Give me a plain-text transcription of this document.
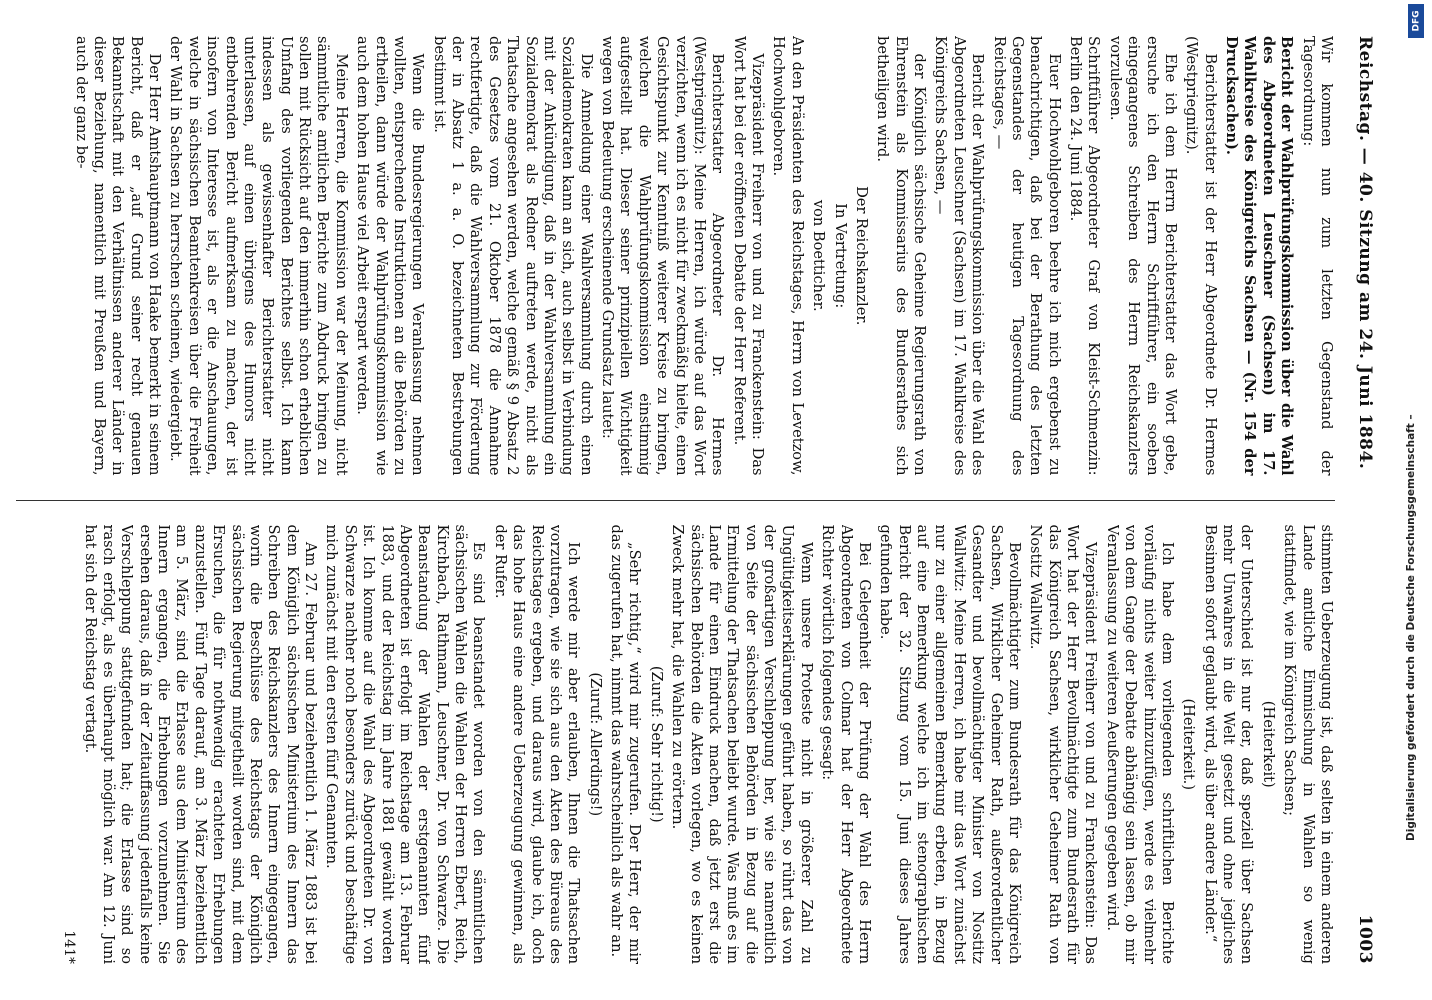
Reichstag. — 40. Sitzung am 24. Juni 1884.
1003

Wir kommen nun zum letzten Gegenstand der Tagesordnung:

Bericht der Wahlprüfungskommission über die Wahl des Abgeordneten Leuschner (Sachsen) im 17. Wahlkreise des Königreichs Sachsen — (Nr. 154 der Drucksachen).

Berichterstatter ist der Herr Abgeordnete Dr. Hermes (Westpriegnitz).

Ehe ich dem Herrn Berichterstatter das Wort gebe, ersuche ich den Herrn Schriftführer, ein soeben eingegangenes Schreiben des Herrn Reichskanzlers vorzulesen.

Schriftführer Abgeordneter Graf von Kleist-Schmenzin: Berlin den 24. Juni 1884.

Euer Hochwohlgeboren beehre ich mich ergebenst zu benachrichtigen, daß bei der Berathung des letzten Gegenstandes der heutigen Tagesordnung des Reichstages, —

Bericht der Wahlprüfungskommission über die Wahl des Abgeordneten Leuschner (Sachsen) im 17. Wahlkreise des Königreichs Sachsen, —

der Königlich sächsische Geheime Regierungsrath von Ehrenstein als Kommissarius des Bundesrathes sich betheiligen wird.

Der Reichskanzler.

In Vertretung:

von Boetticher.

An den Präsidenten des Reichstages, Herrn von Levetzow, Hochwohlgeboren.

Vizepräsident Freiherr von und zu Franckenstein: Das Wort hat bei der eröffneten Debatte der Herr Referent.

Berichterstatter Abgeordneter Dr. Hermes (Westpriegnitz): Meine Herren, ich würde auf das Wort verzichten, wenn ich es nicht für zweckmäßig hielte, einen Gesichtspunkt zur Kenntniß weiterer Kreise zu bringen, welchen die Wahlprüfungskommission einstimmig aufgestellt hat. Dieser seiner prinzipiellen Wichtigkeit wegen von Bedeutung erscheinende Grundsatz lautet:

Die Anmeldung einer Wahlversammlung durch einen Sozialdemokraten kann an sich, auch selbst in Verbindung mit der Ankündigung, daß in der Wahlversammlung ein Sozialdemokrat als Redner auftreten werde, nicht als Thatsache angesehen werden, welche gemäß § 9 Absatz 2 des Gesetzes vom 21. Oktober 1878 die Annahme rechtfertigte, daß die Wahlversammlung zur Förderung der in Absatz 1 a. a. O. bezeichneten Bestrebungen bestimmt ist.

Wenn die Bundesregierungen Veranlassung nehmen wollten, entsprechende Instruktionen an die Behörden zu ertheilen, dann würde der Wahlprüfungskommission wie auch dem hohen Hause viel Arbeit erspart werden.

Meine Herren, die Kommission war der Meinung, nicht sämmtliche amtlichen Berichte zum Abdruck bringen zu sollen mit Rücksicht auf den immerhin schon erheblichen Umfang des vorliegenden Berichtes selbst. Ich kann indessen als gewissenhafter Berichterstatter nicht unterlassen, auf einen übrigens des Humors nicht entbehrenden Bericht aufmerksam zu machen, der ist insofern von Interesse ist, als er die Anschauungen, welche in sächsischen Beamtenkreisen über die Freiheit der Wahl in Sachsen zu herrschen scheinen, wiedergiebt.

Der Herr Amtshauptmann von Haake bemerkt in seinem Bericht, daß er „auf Grund seiner recht genauen Bekanntschaft mit den Verhältnissen anderer Länder in dieser Beziehung, namentlich mit Preußen und Bayern, auch der ganz be-

stimmten Ueberzeugung ist, daß selten in einem anderen Lande amtliche Einmischung in Wahlen so wenig stattfindet, wie im Königreich Sachsen;

(Heiterkeit)

der Unterschied ist nur der, daß speziell über Sachsen mehr Unwahres in die Welt gesetzt und ohne jegliches Besinnen sofort geglaubt wird, als über andere Länder.“

(Heiterkeit.)

Ich habe dem vorliegenden schriftlichen Berichte vorläufig nichts weiter hinzuzufügen, werde es vielmehr von dem Gange der Debatte abhängig sein lassen, ob mir Veranlassung zu weiteren Aeußerungen gegeben wird.

Vizepräsident Freiherr von und zu Franckenstein: Das Wort hat der Herr Bevollmächtigte zum Bundesrath für das Königreich Sachsen, wirklicher Geheimer Rath von Nostitz Wallwitz.

Bevollmächtigter zum Bundesrath für das Königreich Sachsen, Wirklicher Geheimer Rath, außerordentlicher Gesandter und bevollmächtigter Minister von Nostitz Wallwitz: Meine Herren, ich habe mir das Wort zunächst nur zu einer allgemeinen Bemerkung erbeten, in Bezug auf eine Bemerkung welche ich im stenographischen Bericht der 32. Sitzung vom 15. Juni dieses Jahres gefunden habe.

Bei Gelegenheit der Prüfung der Wahl des Herrn Abgeordneten von Colmar hat der Herr Abgeordnete Richter wörtlich folgendes gesagt:

Wenn unsere Proteste nicht in größerer Zahl zu Ungültigkeitserklärungen geführt haben, so rührt das von der großartigen Verschleppung her, wie sie namentlich von Seite der sächsischen Behörden in Bezug auf die Ermittelung der Thatsachen beliebt wurde. Was muß es im Lande für einen Eindruck machen, daß jetzt erst die sächsischen Behörden die Akten vorlegen, wo es keinen Zweck mehr hat, die Wahlen zu erörtern.

(Zuruf: Sehr richtig!)

„Sehr richtig,“ wird mir zugerufen. Der Herr, der mir das zugerufen hat, nimmt das wahrscheinlich als wahr an.

(Zuruf: Allerdings!)

Ich werde mir aber erlauben, Ihnen die Thatsachen vorzutragen, wie sie sich aus den Akten des Büreaus des Reichstages ergeben, und daraus wird, glaube ich, doch das hohe Haus eine andere Ueberzeugung gewinnen, als der Rufer.

Es sind beanstandet worden von den sämmtlichen sächsischen Wahlen die Wahlen der Herren Ebert, Reich, Kirchbach, Rathmann, Leuschner, Dr. von Schwarze. Die Beanstandung der Wahlen der erstgenannten fünf Abgeordneten ist erfolgt im Reichstage am 13. Februar 1883, und der Reichstag im Jahre 1881 gewählt worden ist. Ich komme auf die Wahl des Abgeordneten Dr. von Schwarze nachher noch besonders zurück und beschäftige mich zunächst mit den ersten fünf Genannten.

Am 27. Februar und beziehentlich 1. März 1883 ist bei dem Königlich sächsischen Ministerium des Innern das Schreiben des Reichskanzlers des Innern eingegangen, worin die Beschlüsse des Reichstags der Königlich sächsischen Regierung mitgetheilt worden sind, mit dem Ersuchen, die für nothwendig erachteten Erhebungen anzustellen. Fünf Tage darauf, am 3. März beziehentlich am 5. März, sind die Erlasse aus dem Ministerium des Innern ergangen, die Erhebungen vorzunehmen. Sie ersehen daraus, daß in der Zeitauffassung jedenfalls keine Verschleppung stattgefunden hat; die Erlasse sind so rasch erfolgt, als es überhaupt möglich war. Am 12. Juni hat sich der Reichstag vertagt.

141*
DFG
Digitalisierung gefördert durch die Deutsche Forschungsgemeinschaft –
